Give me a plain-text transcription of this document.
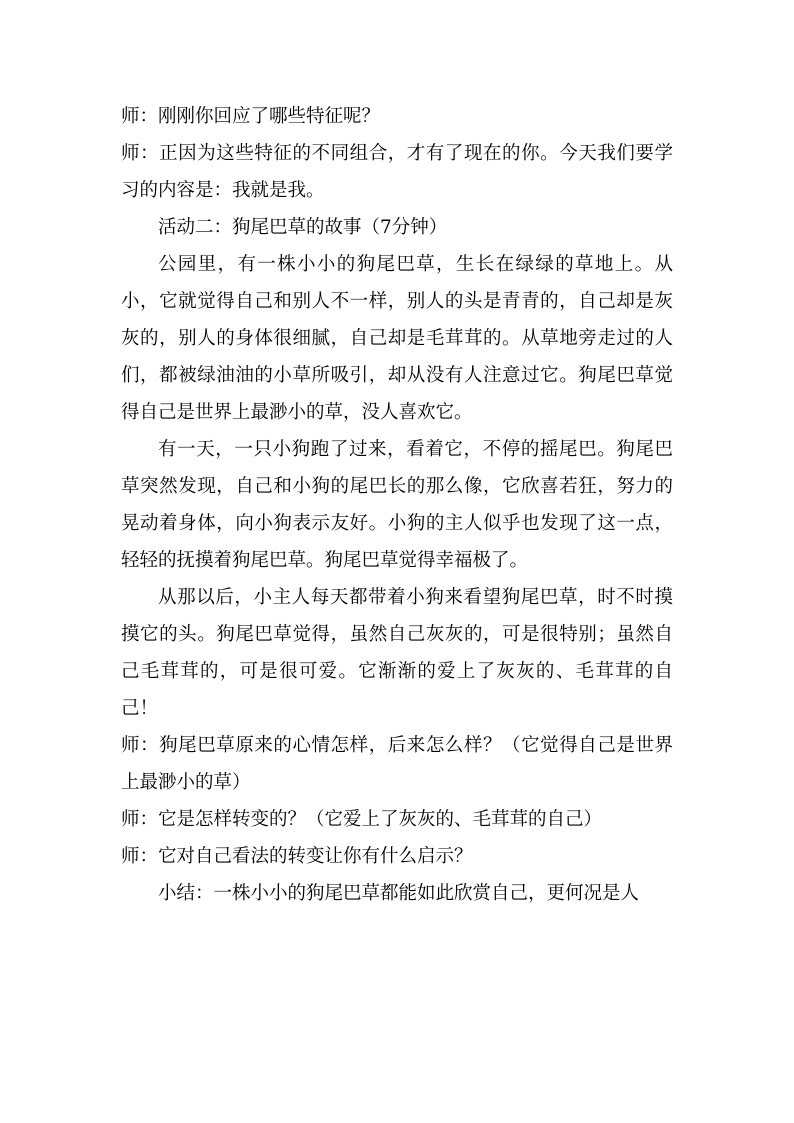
师：刚刚你回应了哪些特征呢？

师：正因为这些特征的不同组合，才有了现在的你。今天我们要学习的内容是：我就是我。

活动二：狗尾巴草的故事（7分钟）

公园里，有一株小小的狗尾巴草，生长在绿绿的草地上。从小，它就觉得自己和别人不一样，别人的头是青青的，自己却是灰灰的，别人的身体很细腻，自己却是毛茸茸的。从草地旁走过的人们，都被绿油油的小草所吸引，却从没有人注意过它。狗尾巴草觉得自己是世界上最渺小的草，没人喜欢它。

有一天，一只小狗跑了过来，看着它，不停的摇尾巴。狗尾巴草突然发现，自己和小狗的尾巴长的那么像，它欣喜若狂，努力的晃动着身体，向小狗表示友好。小狗的主人似乎也发现了这一点，轻轻的抚摸着狗尾巴草。狗尾巴草觉得幸福极了。

从那以后，小主人每天都带着小狗来看望狗尾巴草，时不时摸摸它的头。狗尾巴草觉得，虽然自己灰灰的，可是很特别；虽然自己毛茸茸的，可是很可爱。它渐渐的爱上了灰灰的、毛茸茸的自己！

师：狗尾巴草原来的心情怎样，后来怎么样？（它觉得自己是世界上最渺小的草）

师：它是怎样转变的？（它爱上了灰灰的、毛茸茸的自己）

师：它对自己看法的转变让你有什么启示？

小结：一株小小的狗尾巴草都能如此欣赏自己，更何况是人
